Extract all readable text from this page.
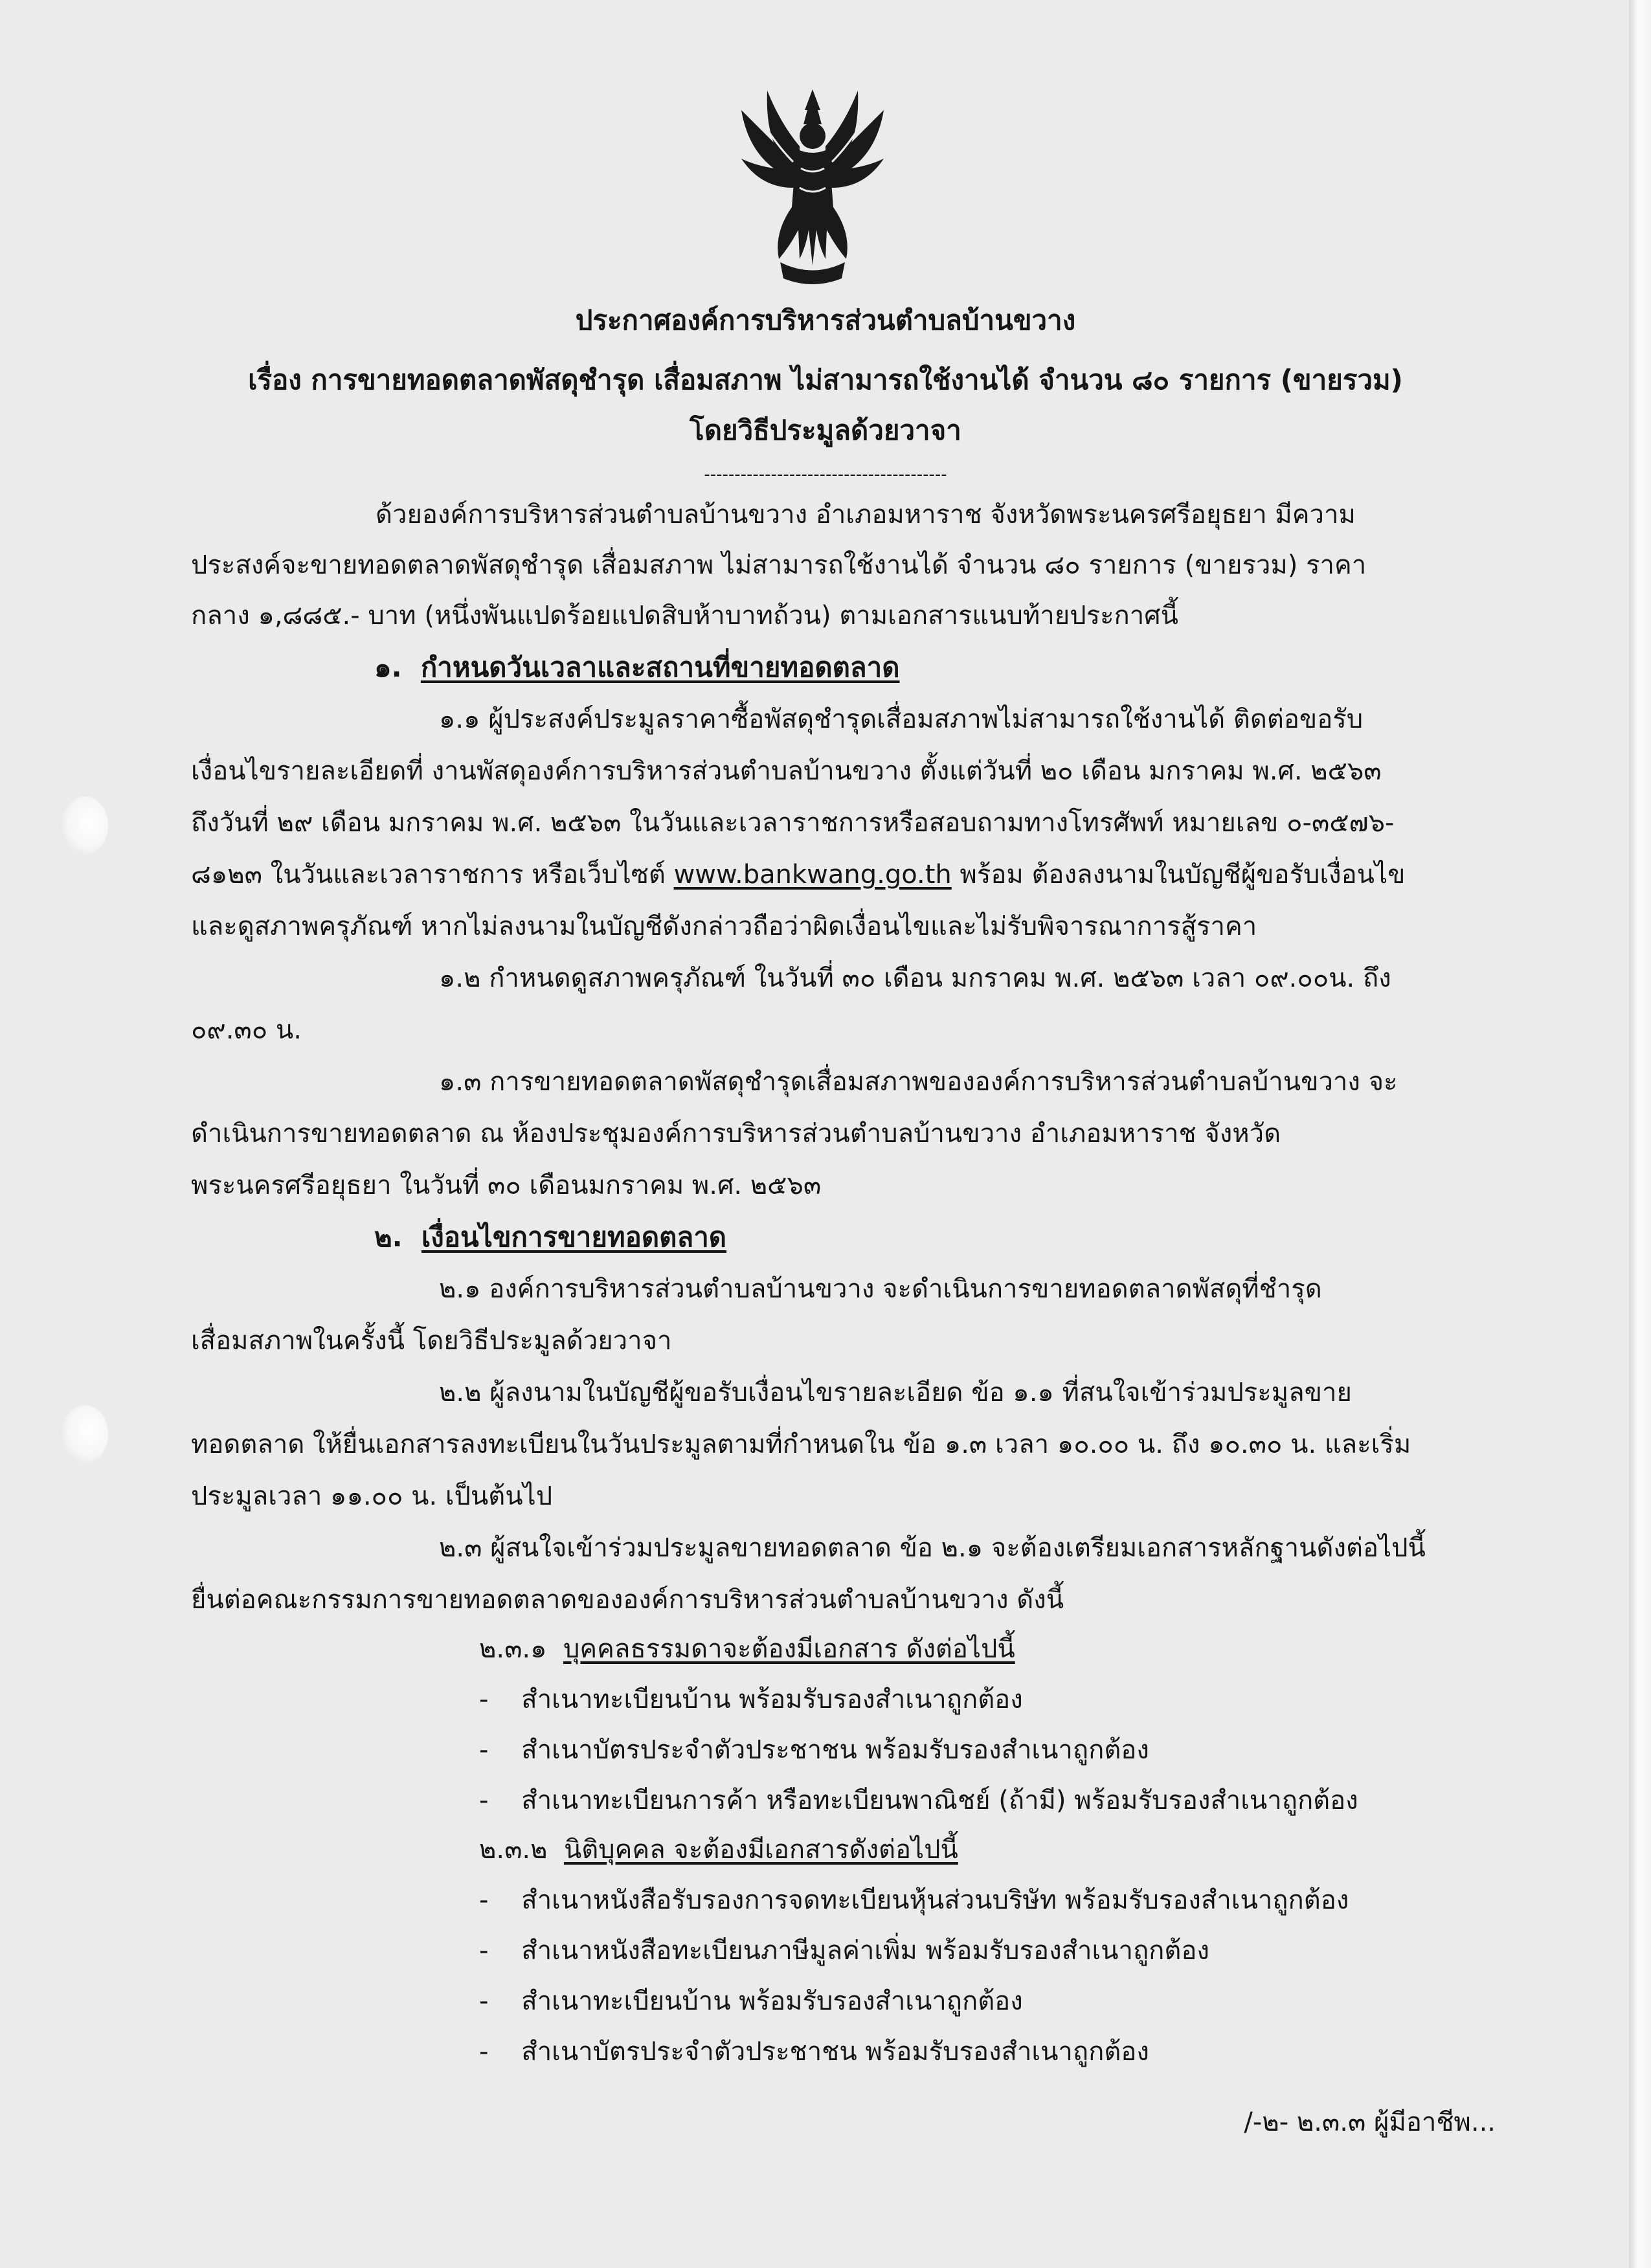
ประกาศองค์การบริหารส่วนตำบลบ้านขวาง
เรื่อง การขายทอดตลาดพัสดุชำรุด เสื่อมสภาพ ไม่สามารถใช้งานได้ จำนวน ๘๐ รายการ (ขายรวม)
โดยวิธีประมูลด้วยวาจา
----------------------------------------
ด้วยองค์การบริหารส่วนตำบลบ้านขวาง อำเภอมหาราช จังหวัดพระนครศรีอยุธยา มีความ
ประสงค์จะขายทอดตลาดพัสดุชำรุด เสื่อมสภาพ ไม่สามารถใช้งานได้ จำนวน ๘๐ รายการ (ขายรวม) ราคา
กลาง ๑,๘๘๕.- บาท (หนึ่งพันแปดร้อยแปดสิบห้าบาทถ้วน) ตามเอกสารแนบท้ายประกาศนี้
๑. กำหนดวันเวลาและสถานที่ขายทอดตลาด
๑.๑ ผู้ประสงค์ประมูลราคาซื้อพัสดุชำรุดเสื่อมสภาพไม่สามารถใช้งานได้ ติดต่อขอรับ
เงื่อนไขรายละเอียดที่ งานพัสดุองค์การบริหารส่วนตำบลบ้านขวาง ตั้งแต่วันที่ ๒๐ เดือน มกราคม พ.ศ. ๒๕๖๓
ถึงวันที่ ๒๙ เดือน มกราคม พ.ศ. ๒๕๖๓ ในวันและเวลาราชการหรือสอบถามทางโทรศัพท์ หมายเลข ๐-๓๕๗๖-
๘๑๒๓ ในวันและเวลาราชการ หรือเว็บไซต์ www.bankwang.go.th พร้อม ต้องลงนามในบัญชีผู้ขอรับเงื่อนไข
และดูสภาพครุภัณฑ์ หากไม่ลงนามในบัญชีดังกล่าวถือว่าผิดเงื่อนไขและไม่รับพิจารณาการสู้ราคา
๑.๒ กำหนดดูสภาพครุภัณฑ์ ในวันที่ ๓๐ เดือน มกราคม พ.ศ. ๒๕๖๓ เวลา ๐๙.๐๐น. ถึง
๐๙.๓๐ น.
๑.๓ การขายทอดตลาดพัสดุชำรุดเสื่อมสภาพขององค์การบริหารส่วนตำบลบ้านขวาง จะ
ดำเนินการขายทอดตลาด ณ ห้องประชุมองค์การบริหารส่วนตำบลบ้านขวาง อำเภอมหาราช จังหวัด
พระนครศรีอยุธยา ในวันที่ ๓๐ เดือนมกราคม พ.ศ. ๒๕๖๓
๒. เงื่อนไขการขายทอดตลาด
๒.๑ องค์การบริหารส่วนตำบลบ้านขวาง จะดำเนินการขายทอดตลาดพัสดุที่ชำรุด
เสื่อมสภาพในครั้งนี้ โดยวิธีประมูลด้วยวาจา
๒.๒ ผู้ลงนามในบัญชีผู้ขอรับเงื่อนไขรายละเอียด ข้อ ๑.๑ ที่สนใจเข้าร่วมประมูลขาย
ทอดตลาด ให้ยื่นเอกสารลงทะเบียนในวันประมูลตามที่กำหนดใน ข้อ ๑.๓ เวลา ๑๐.๐๐ น. ถึง ๑๐.๓๐ น. และเริ่ม
ประมูลเวลา ๑๑.๐๐ น. เป็นต้นไป
๒.๓ ผู้สนใจเข้าร่วมประมูลขายทอดตลาด ข้อ ๒.๑ จะต้องเตรียมเอกสารหลักฐานดังต่อไปนี้
ยื่นต่อคณะกรรมการขายทอดตลาดขององค์การบริหารส่วนตำบลบ้านขวาง ดังนี้
๒.๓.๑ บุคคลธรรมดาจะต้องมีเอกสาร ดังต่อไปนี้
- สำเนาทะเบียนบ้าน พร้อมรับรองสำเนาถูกต้อง
- สำเนาบัตรประจำตัวประชาชน พร้อมรับรองสำเนาถูกต้อง
- สำเนาทะเบียนการค้า หรือทะเบียนพาณิชย์ (ถ้ามี) พร้อมรับรองสำเนาถูกต้อง
๒.๓.๒ นิติบุคคล จะต้องมีเอกสารดังต่อไปนี้
- สำเนาหนังสือรับรองการจดทะเบียนหุ้นส่วนบริษัท พร้อมรับรองสำเนาถูกต้อง
- สำเนาหนังสือทะเบียนภาษีมูลค่าเพิ่ม พร้อมรับรองสำเนาถูกต้อง
- สำเนาทะเบียนบ้าน พร้อมรับรองสำเนาถูกต้อง
- สำเนาบัตรประจำตัวประชาชน พร้อมรับรองสำเนาถูกต้อง
/-๒- ๒.๓.๓ ผู้มีอาชีพ...
